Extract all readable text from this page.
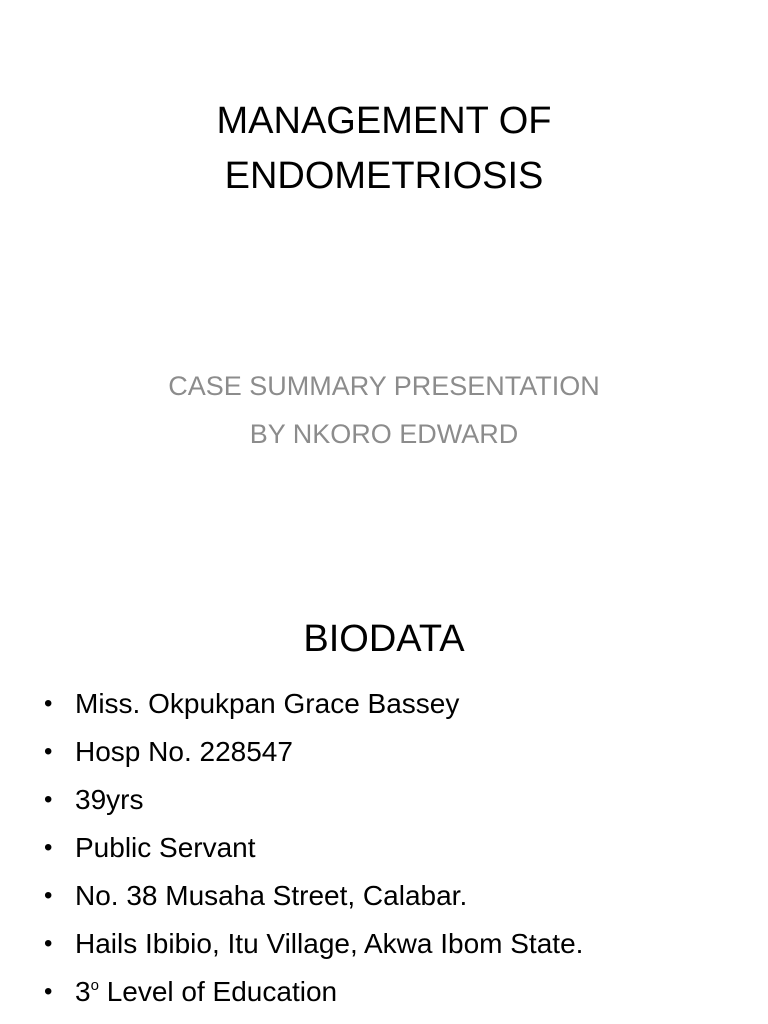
MANAGEMENT OF
ENDOMETRIOSIS
CASE SUMMARY PRESENTATION
BY NKORO EDWARD
BIODATA
• Miss. Okpukpan Grace Bassey
• Hosp No. 228547
• 39yrs
• Public Servant
• No. 38 Musaha Street, Calabar.
• Hails Ibibio, Itu Village, Akwa Ibom State.
• 3$^o$ Level of Education
